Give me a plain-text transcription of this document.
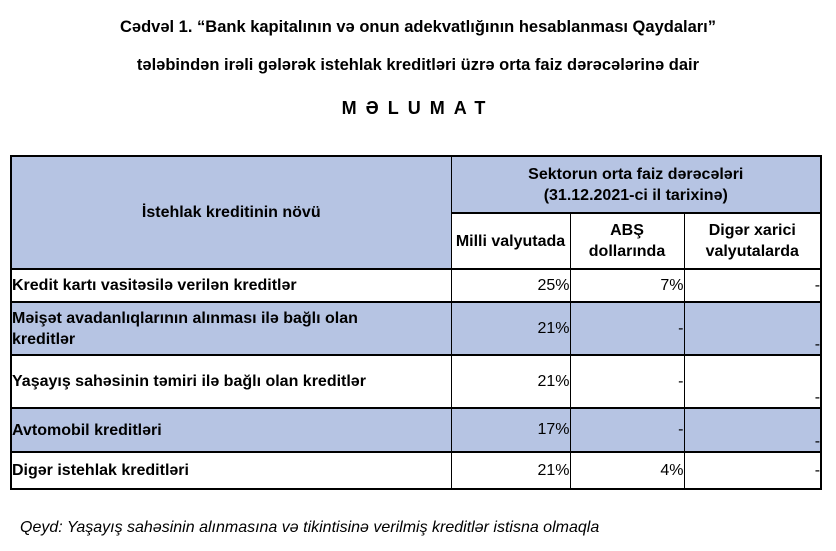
Cədvəl 1. “Bank kapitalının və onun adekvatlığının hesablanması Qaydaları”
tələbindən irəli gələrək istehlak kreditləri üzrə orta faiz dərəcələrinə dair
MƏLUMAT
İstehlak kreditinin növü	Sektorun orta faiz dərəcələri
(31.12.2021-ci il tarixinə)		

	Milli valyutada	ABŞ dollarında	Digər xarici valyutalarda

Kredit kartı vasitəsilə verilən kreditlər	25%	7%	-

Məişət avadanlıqlarının alınması ilə bağlı olan kreditlər	21%	-	-

Yaşayış sahəsinin təmiri ilə bağlı olan kreditlər	21%	-	-

Avtomobil kreditləri	17%	-	-

Digər istehlak kreditləri	21%	4%	-
Qeyd: Yaşayış sahəsinin alınmasına və tikintisinə verilmiş kreditlər istisna olmaqla
